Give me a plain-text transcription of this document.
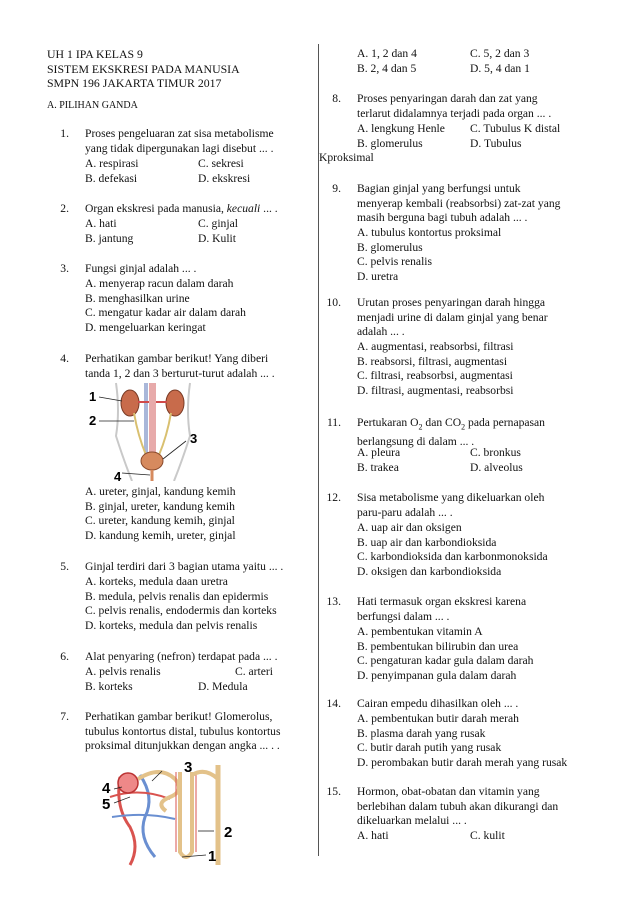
UH 1 IPA KELAS 9
SISTEM EKSKRESI PADA MANUSIA
SMPN 196 JAKARTA TIMUR 2017
A. PILIHAN GANDA
1. Proses pengeluaran zat sisa metabolisme
yang tidak dipergunakan lagi disebut ... .
A. respirasi	C. sekresi
B. defekasi	D. ekskresi
2. Organ ekskresi pada manusia, kecuali ... .
A. hati	C. ginjal
B. jantung	D. Kulit
3. Fungsi ginjal adalah ... .
A. menyerap racun dalam darah
B. menghasilkan urine
C. mengatur kadar air dalam darah
D. mengeluarkan keringat
4. Perhatikan gambar berikut! Yang diberi
tanda 1, 2 dan 3 berturut-turut adalah ... .
A. ureter, ginjal, kandung kemih
B. ginjal, ureter, kandung kemih
C. ureter, kandung kemih, ginjal
D. kandung kemih, ureter, ginjal
1
2
3
4
5. Ginjal terdiri dari 3 bagian utama yaitu ... .
A. korteks, medula daan uretra
B. medula, pelvis renalis dan epidermis
C. pelvis renalis, endodermis dan korteks
D. korteks, medula dan pelvis renalis
6. Alat penyaring (nefron) terdapat pada ... .
A. pelvis renalis	C. arteri
B. korteks	D. Medula
7. Perhatikan gambar berikut! Glomerolus,
tubulus kontortus distal, tubulus kontortus
proksimal ditunjukkan dengan angka ... . .
3
4
5
2
1
A. 1, 2 dan 4	C. 5, 2 dan 3
B. 2, 4 dan 5	D. 5, 4 dan 1
8. Proses penyaringan darah dan zat yang
terlarut didalamnya terjadi pada organ ... .
A. lengkung Henle C. Tubulus K distal
B. glomerulus	D. Tubulus
Kproksimal
9. Bagian ginjal yang berfungsi untuk
menyerap kembali (reabsorbsi) zat-zat yang
masih berguna bagi tubuh adalah ... .
A. tubulus kontortus proksimal
B. glomerulus
C. pelvis renalis
D. uretra
10. Urutan proses penyaringan darah hingga
menjadi urine di dalam ginjal yang benar
adalah ... .
A. augmentasi, reabsorbsi, filtrasi
B. reabsorsi, filtrasi, augmentasi
C. filtrasi, reabsorbsi, augmentasi
D. filtrasi, augmentasi, reabsorbsi
11. Pertukaran $O_2$ dan $CO_2$ pada pernapasan
berlangsung di dalam ... .
A. pleura	C. bronkus
B. trakea	D. alveolus
12. Sisa metabolisme yang dikeluarkan oleh
paru-paru adalah ... .
A. uap air dan oksigen
B. uap air dan karbondioksida
C. karbondioksida dan karbonmonoksida
D. oksigen dan karbondioksida
13. Hati termasuk organ ekskresi karena
berfungsi dalam ... .
A. pembentukan vitamin A
B. pembentukan bilirubin dan urea
C. pengaturan kadar gula dalam darah
D. penyimpanan gula dalam darah
14. Cairan empedu dihasilkan oleh ... .
A. pembentukan butir darah merah
B. plasma darah yang rusak
C. butir darah putih yang rusak
D. perombakan butir darah merah yang rusak
15. Hormon, obat-obatan dan vitamin yang
berlebihan dalam tubuh akan dikurangi dan
dikeluarkan melalui ... .
A. hati	C. kulit
